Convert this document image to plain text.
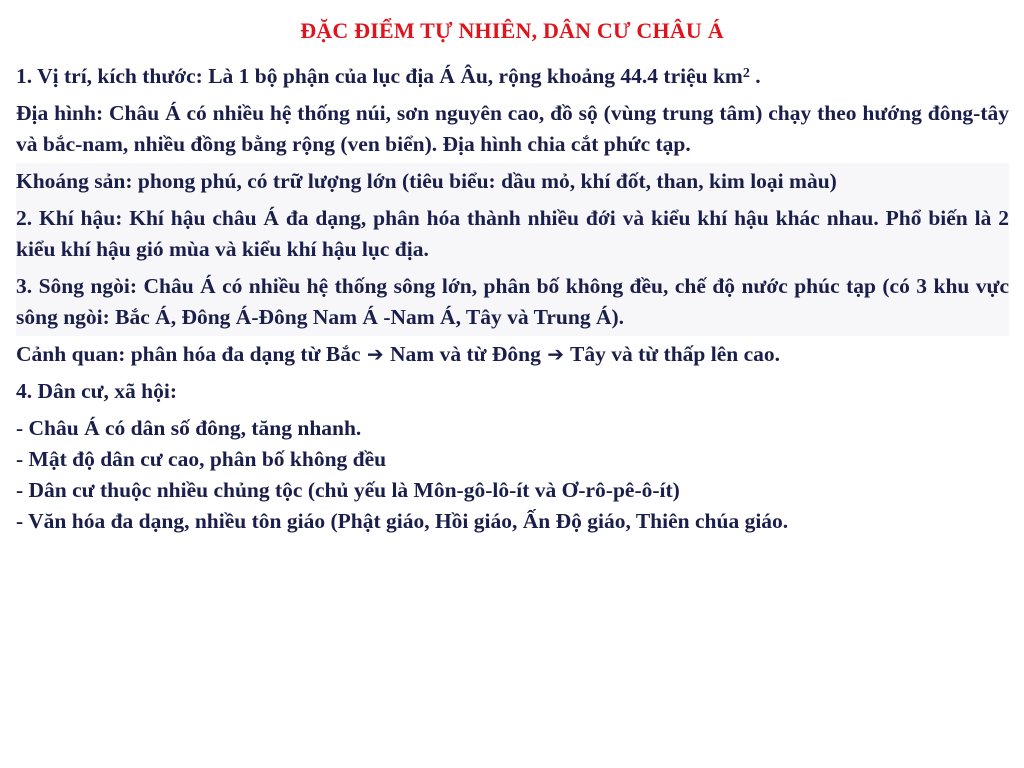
ĐẶC ĐIỂM TỰ NHIÊN, DÂN CƯ CHÂU Á

1. Vị trí, kích thước: Là 1 bộ phận của lục địa Á Âu, rộng khoảng 44.4 triệu $km^2$ .

Địa hình: Châu Á có nhiều hệ thống núi, sơn nguyên cao, đồ sộ (vùng trung tâm) chạy theo hướng đông-tây và bắc-nam, nhiều đồng bằng rộng (ven biển). Địa hình chia cắt phức tạp.

Khoáng sản: phong phú, có trữ lượng lớn (tiêu biểu: dầu mỏ, khí đốt, than, kim loại màu)

2. Khí hậu: Khí hậu châu Á đa dạng, phân hóa thành nhiều đới và kiểu khí hậu khác nhau. Phổ biến là 2 kiểu khí hậu gió mùa và kiểu khí hậu lục địa.

3. Sông ngòi: Châu Á có nhiều hệ thống sông lớn, phân bố không đều, chế độ nước phúc tạp (có 3 khu vực sông ngòi: Bắc Á, Đông Á-Đông Nam Á -Nam Á, Tây và Trung Á).

Cảnh quan: phân hóa đa dạng từ Bắc ➔ Nam và từ Đông ➔ Tây và từ thấp lên cao.

4. Dân cư, xã hội:

- Châu Á có dân số đông, tăng nhanh.
- Mật độ dân cư cao, phân bố không đều
- Dân cư thuộc nhiều chủng tộc (chủ yếu là Môn-gô-lô-ít và Ơ-rô-pê-ô-ít)
- Văn hóa đa dạng, nhiều tôn giáo (Phật giáo, Hồi giáo, Ấn Độ giáo, Thiên chúa giáo.
